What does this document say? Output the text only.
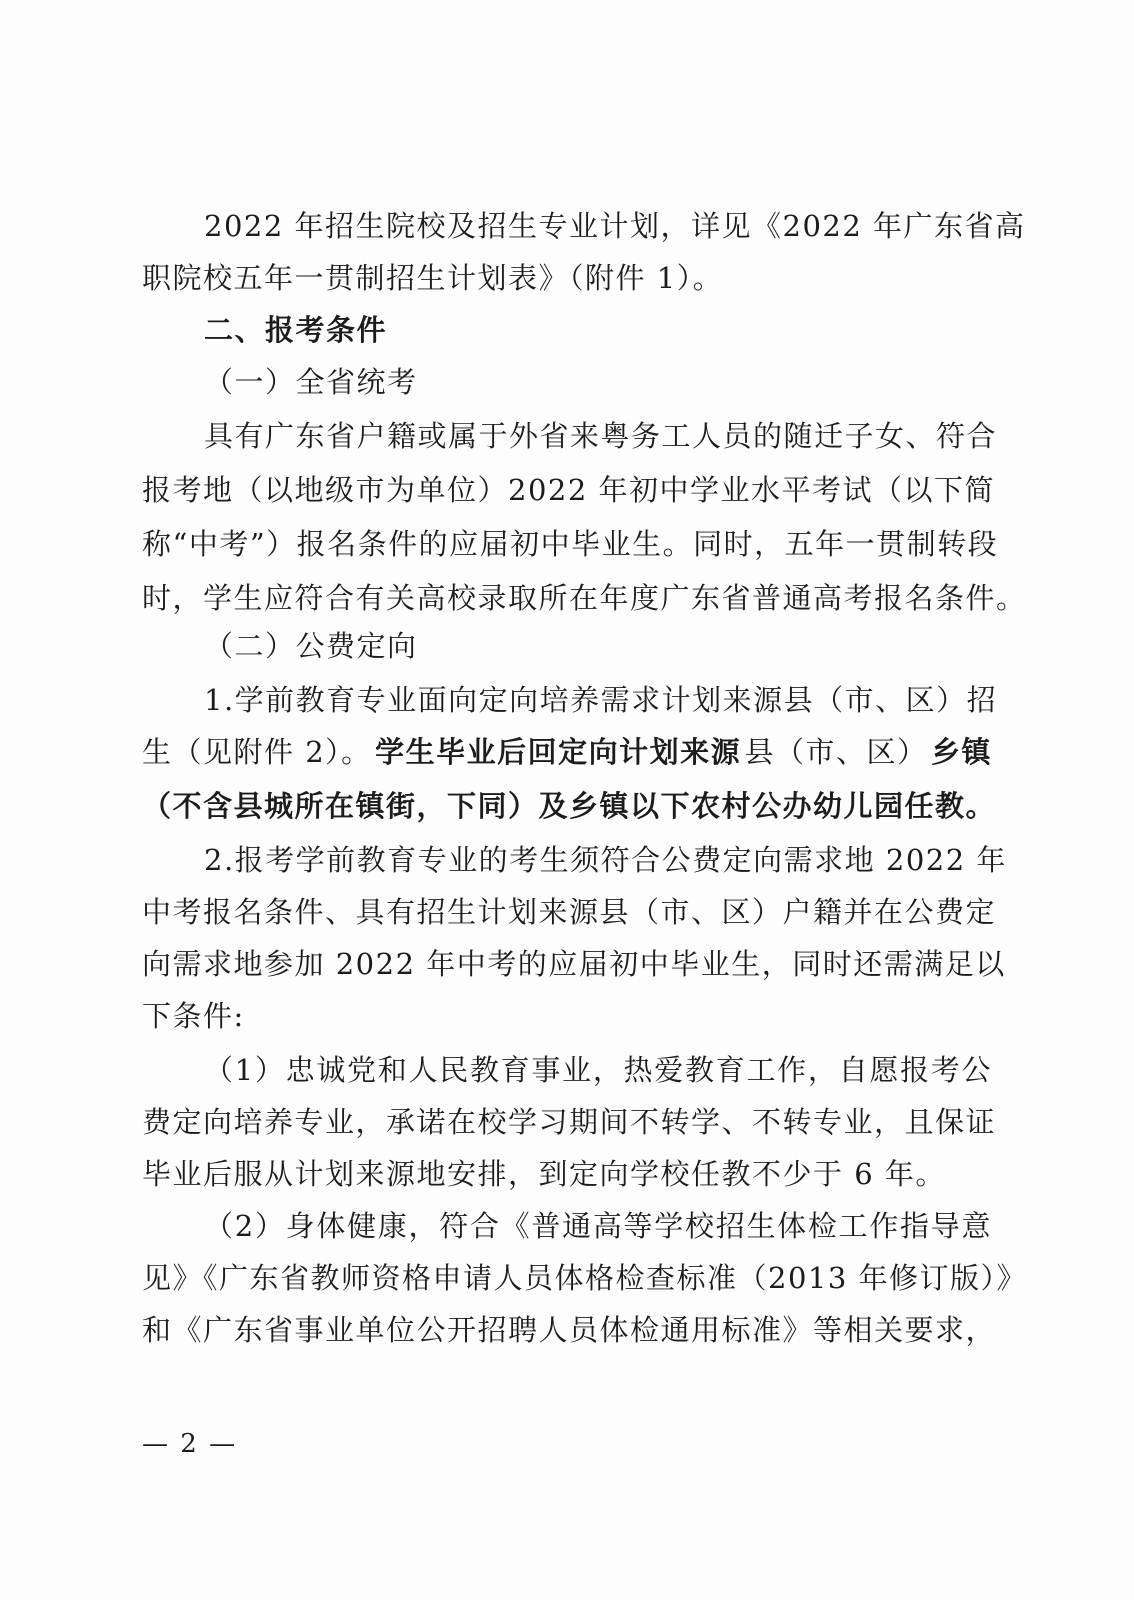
2022 年招生院校及招生专业计划，详见《2022 年广东省高
职院校五年一贯制招生计划表》（附件 1）。
二、报考条件
（一）全省统考
具有广东省户籍或属于外省来粤务工人员的随迁子女、符合
报考地（以地级市为单位）2022 年初中学业水平考试（以下简
称“中考”）报名条件的应届初中毕业生。同时，五年一贯制转段
时，学生应符合有关高校录取所在年度广东省普通高考报名条件。
（二）公费定向
1.学前教育专业面向定向培养需求计划来源县（市、区）招
生（见附件 2）。 学生毕业后回定向计划来源 县（市、区） 乡镇
（不含县城所在镇街，下同）及乡镇以下农村公办幼儿园任教。
2.报考学前教育专业的考生须符合公费定向需求地 2022 年
中考报名条件、具有招生计划来源县（市、区）户籍并在公费定
向需求地参加 2022 年中考的应届初中毕业生，同时还需满足以
下条件:
（1）忠诚党和人民教育事业，热爱教育工作，自愿报考公
费定向培养专业，承诺在校学习期间不转学、不转专业，且保证
毕业后服从计划来源地安排，到定向学校任教不少于 6 年。
（2）身体健康，符合《普通高等学校招生体检工作指导意
见》《广东省教师资格申请人员体格检查标准（2013 年修订版）》
和《广东省事业单位公开招聘人员体检通用标准》等相关要求，
— 2 —
